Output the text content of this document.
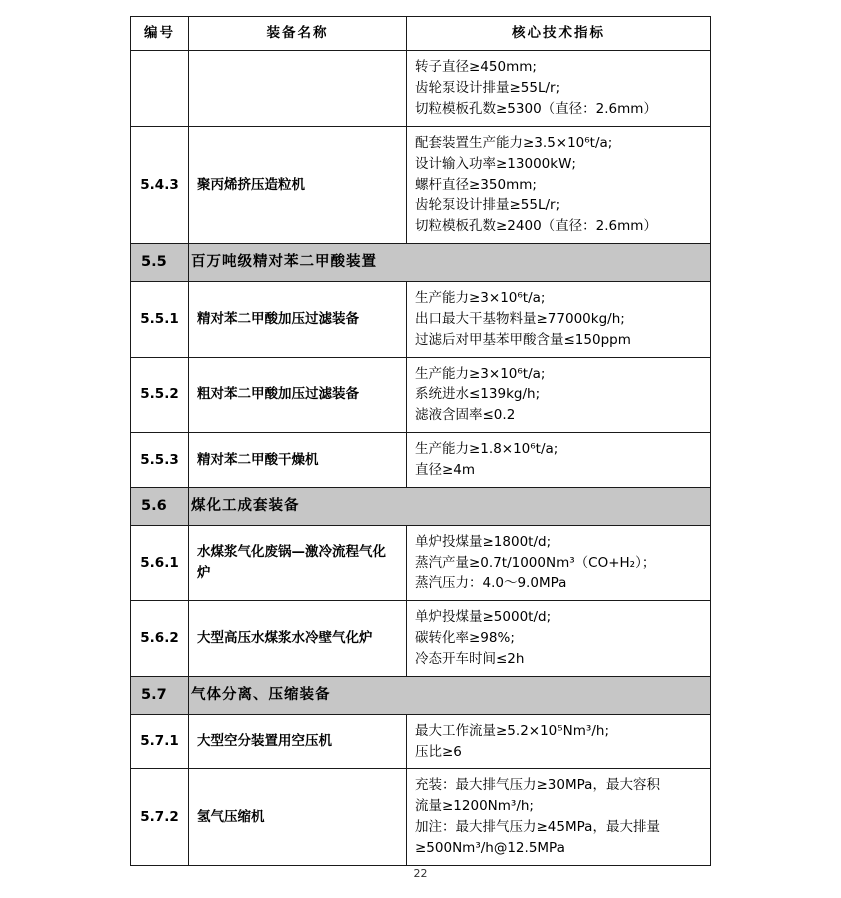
编号	装备名称	核心技术指标

		转子直径≥450mm;
齿轮泵设计排量≥55L/r;
切粒模板孔数≥5300（直径：2.6mm）

5.4.3	聚丙烯挤压造粒机	配套装置生产能力≥3.5×10⁶t/a;
设计输入功率≥13000kW;
螺杆直径≥350mm;
齿轮泵设计排量≥55L/r;
切粒模板孔数≥2400（直径：2.6mm）

5.5	百万吨级精对苯二甲酸装置	
5.5.1	精对苯二甲酸加压过滤装备	生产能力≥3×10⁶t/a;
出口最大干基物料量≥77000kg/h;
过滤后对甲基苯甲酸含量≤150ppm

5.5.2	粗对苯二甲酸加压过滤装备	生产能力≥3×10⁶t/a;
系统进水≤139kg/h;
滤液含固率≤0.2

5.5.3	精对苯二甲酸干燥机	生产能力≥1.8×10⁶t/a;
直径≥4m

5.6	煤化工成套装备	
5.6.1	水煤浆气化废锅—激冷流程气化炉	单炉投煤量≥1800t/d;
蒸汽产量≥0.7t/1000Nm³（CO+H₂）；
蒸汽压力：4.0～9.0MPa

5.6.2	大型高压水煤浆水冷壁气化炉	单炉投煤量≥5000t/d;
碳转化率≥98%;
冷态开车时间≤2h

5.7	气体分离、压缩装备	
5.7.1	大型空分装置用空压机	最大工作流量≥5.2×10⁵Nm³/h;
压比≥6

5.7.2	氢气压缩机	充装：最大排气压力≥30MPa，最大容积
流量≥1200Nm³/h;
加注：最大排气压力≥45MPa，最大排量
≥500Nm³/h@12.5MPa
22
